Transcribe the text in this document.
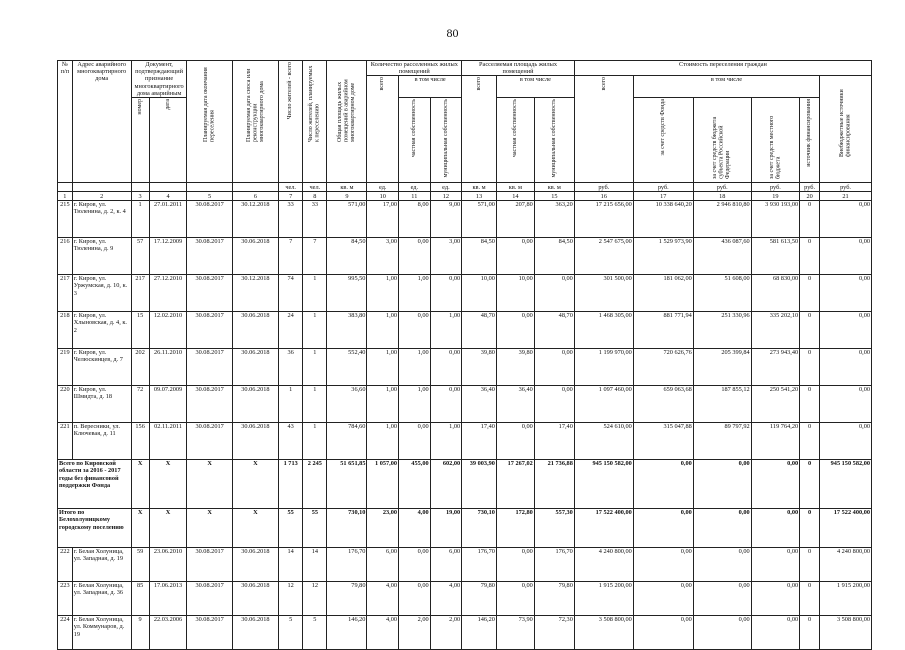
80
№ п/п	Адрес аварийного многоквартирного дома	Документ, подтверждающий признание многоквартирного дома аварийным		Планируемая дата окончания переселения	Планируемая дата сноса или реконструкции многоквартирного дома	Число жителей - всего	Число жителей, планируемых к переселению	Общая площадь жилых помещений в аварийном многоквартирном доме	Количество расселенных жилых помещений			Расселяемая площадь жилых помещений			Стоимость переселения граждан					
									всего	в том числе		всего	в том числе		всего	в том числе				Внебюджетные источники финансирования
		номер	дата							частная собственность	муниципальная собственность		частная собственность	муниципальная собственность		за счет средств Фонда	за счет средств бюджета субъекта Российской Федерации	за счет средств местного бюджета	источник финансирования	
						чел.	чел.	кв. м	ед.	ед.	ед.	кв. м	кв. м	кв. м	руб.	руб.	руб.	руб.	руб.	руб.
1	2	3	4	5	6	7	8	9	10	11	12	13	14	15	16	17	18	19	20	21
215	г. Киров, ул. Тюленина, д. 2, к. 4	1	27.01.2011	30.08.2017	30.12.2018	33	33	571,00	17,00	8,00	9,00	571,00	207,80	363,20	17 215 656,00	10 338 640,20	2 946 810,80	3 930 193,00	0	0,00
216	г. Киров, ул. Тюленина, д. 9	57	17.12.2009	30.08.2017	30.06.2018	7	7	84,50	3,00	0,00	3,00	84,50	0,00	84,50	2 547 675,00	1 529 973,90	436 087,60	581 613,50	0	0,00
217	г. Киров, ул. Уржумская, д. 10, к. 3	217	27.12.2010	30.08.2017	30.12.2018	74	1	995,50	1,00	1,00	0,00	10,00	10,00	0,00	301 500,00	181 062,00	51 608,00	68 830,00	0	0,00
218	г. Киров, ул. Хлыновская, д. 4, к. 2	15	12.02.2010	30.08.2017	30.06.2018	24	1	383,80	1,00	0,00	1,00	48,70	0,00	48,70	1 468 305,00	881 771,94	251 330,96	335 202,10	0	0,00
219	г. Киров, ул. Челюскинцев, д. 7	202	26.11.2010	30.08.2017	30.06.2018	36	1	552,40	1,00	1,00	0,00	39,80	39,80	0,00	1 199 970,00	720 626,76	205 399,84	273 943,40	0	0,00
220	г. Киров, ул. Шмидта, д. 18	72	09.07.2009	30.08.2017	30.06.2018	1	1	36,60	1,00	1,00	0,00	36,40	36,40	0,00	1 097 460,00	659 063,68	187 855,12	250 541,20	0	0,00
221	п. Вересники, ул. Ключевая, д. 11	156	02.11.2011	30.08.2017	30.06.2018	43	1	784,60	1,00	0,00	1,00	17,40	0,00	17,40	524 610,00	315 047,88	89 797,92	119 764,20	0	0,00
Всего по Кировской области за 2016 - 2017 годы без финансовой поддержки Фонда		X	X	X	X	1 713	2 245	51 651,85	1 057,00	455,00	602,00	39 003,90	17 267,02	21 736,88	945 150 582,00	0,00	0,00	0,00	0	945 150 582,00
Итого по Белохолуницкому городскому поселению		X	X	X	X	55	55	730,10	23,00	4,00	19,00	730,10	172,80	557,30	17 522 400,00	0,00	0,00	0,00	0	17 522 400,00
222	г. Белая Холуница, ул. Западная, д. 19	59	23.06.2010	30.08.2017	30.06.2018	14	14	176,70	6,00	0,00	6,00	176,70	0,00	176,70	4 240 800,00	0,00	0,00	0,00	0	4 240 800,00
223	г. Белая Холуница, ул. Западная, д. 36	85	17.06.2013	30.08.2017	30.06.2018	12	12	79,80	4,00	0,00	4,00	79,80	0,00	79,80	1 915 200,00	0,00	0,00	0,00	0	1 915 200,00
224	г. Белая Холуница, ул. Коммунаров, д. 19	9	22.03.2006	30.08.2017	30.06.2018	5	5	146,20	4,00	2,00	2,00	146,20	73,90	72,30	3 508 800,00	0,00	0,00	0,00	0	3 508 800,00
